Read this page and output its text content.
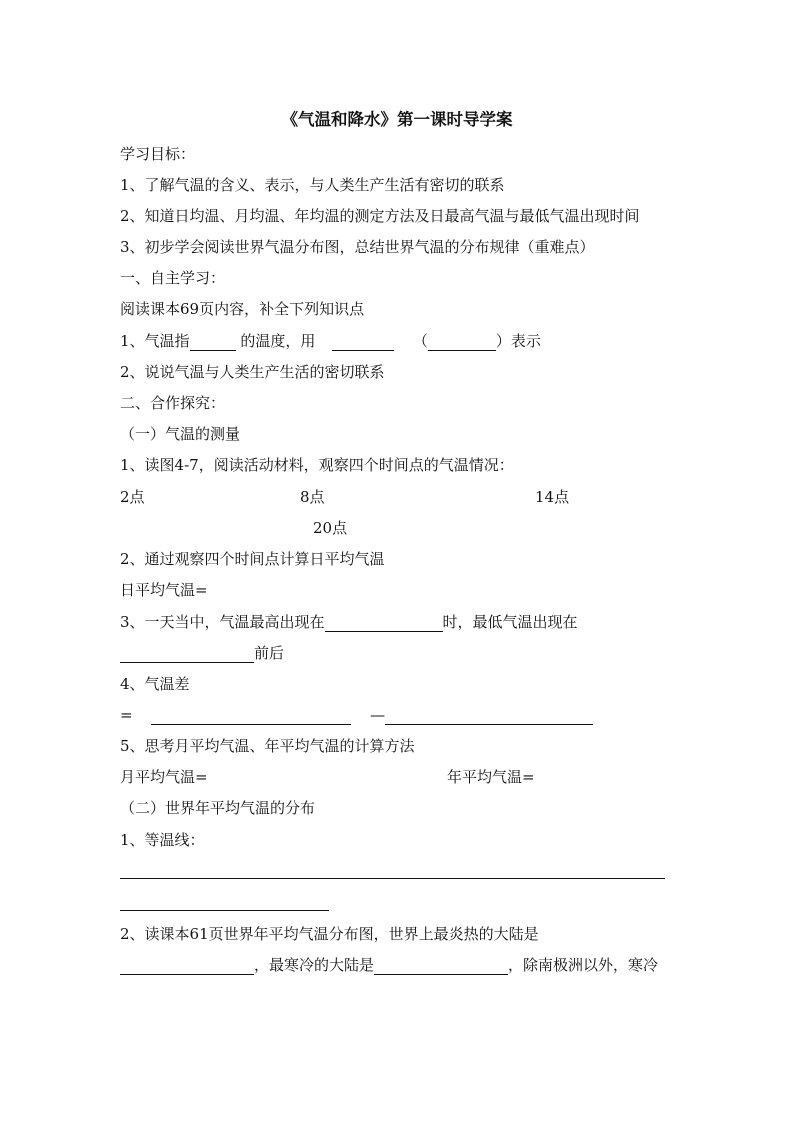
《气温和降水》第一课时导学案
学习目标：
1、了解气温的含义、表示，与人类生产生活有密切的联系
2、知道日均温、月均温、年均温的测定方法及日最高气温与最低气温出现时间
3、初步学会阅读世界气温分布图，总结世界气温的分布规律（重难点）
一、自主学习：
阅读课本69页内容，补全下列知识点
1、气温指	的温度，用	（	）表示
2、说说气温与人类生产生活的密切联系
二、合作探究：
（一）气温的测量
1、读图4-7，阅读活动材料，观察四个时间点的气温情况：
2点	8点	14点
20点
2、通过观察四个时间点计算日平均气温
日平均气温=
3、一天当中，气温最高出现在	时，最低气温出现在
前后
4、气温差
=	—
5、思考月平均气温、年平均气温的计算方法
月平均气温=	年平均气温=
（二）世界年平均气温的分布
1、等温线：
2、读课本61页世界年平均气温分布图，世界上最炎热的大陆是
，最寒冷的大陆是	，除南极洲以外，寒冷
